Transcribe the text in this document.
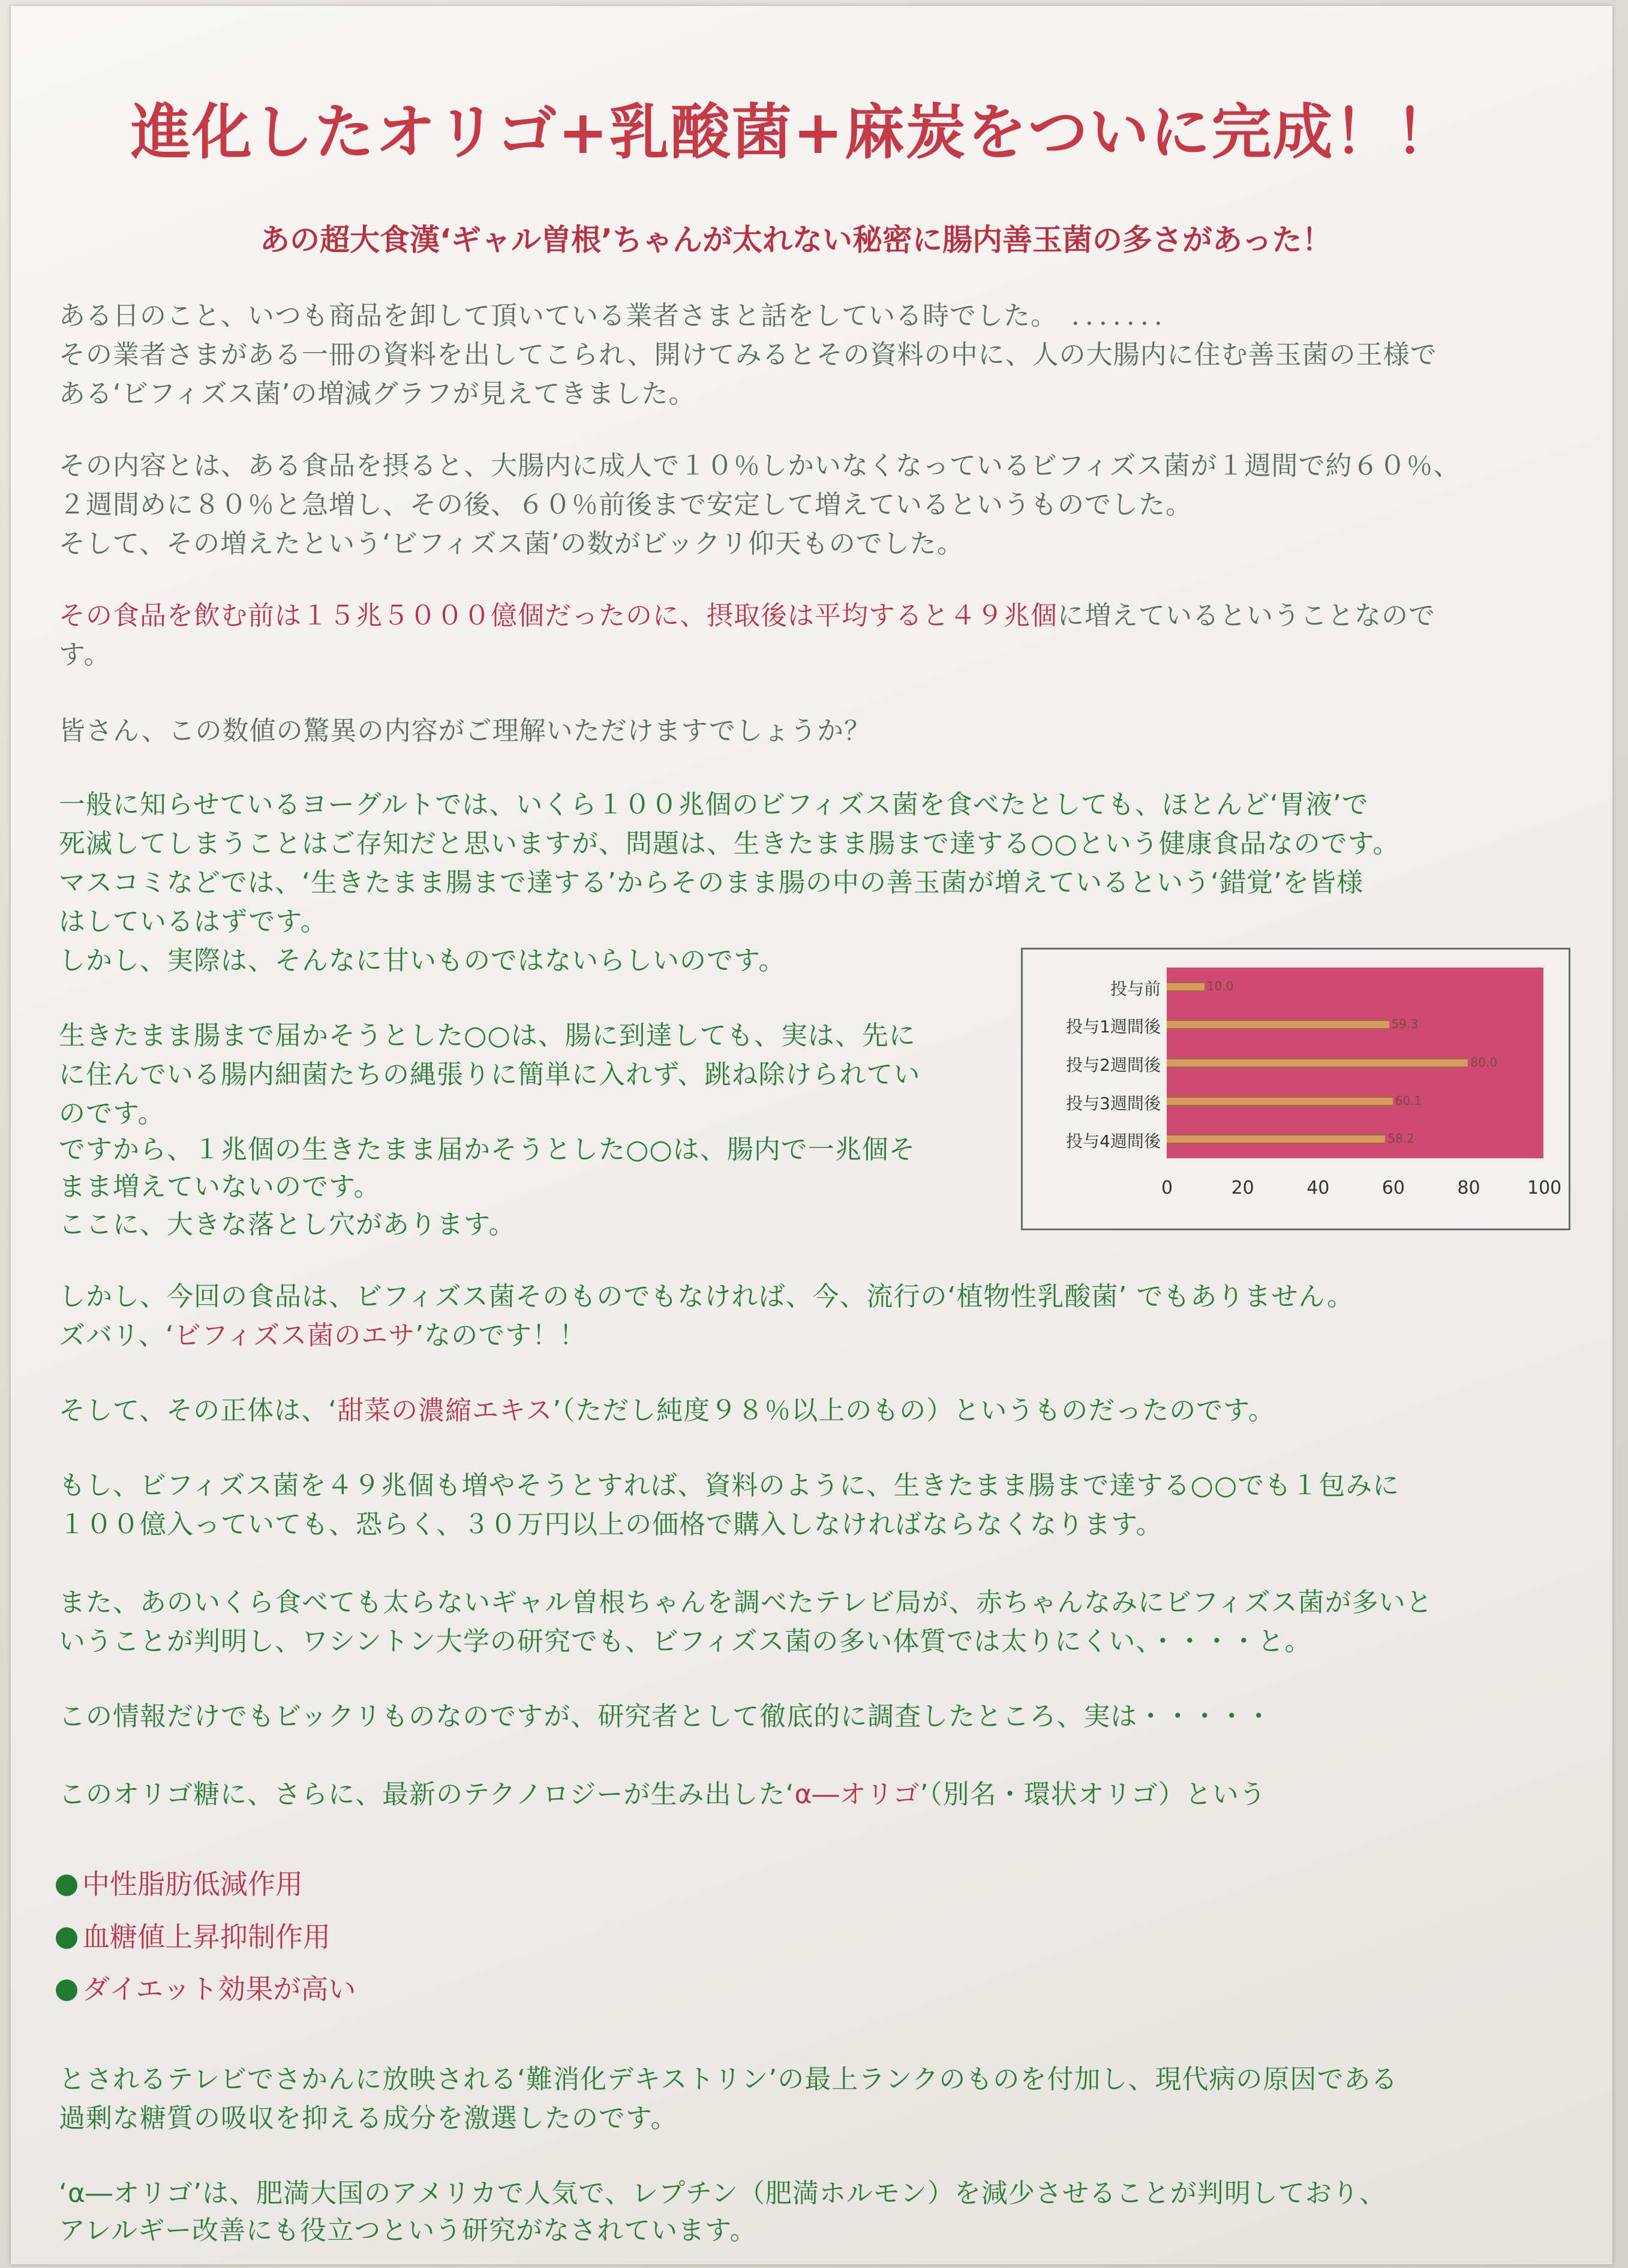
進化したオリゴ+乳酸菌+麻炭をついに完成！！
あの超大食漢‘ギャル曽根’ちゃんが太れない秘密に腸内善玉菌の多さがあった！
ある日のこと、いつも商品を卸して頂いている業者さまと話をしている時でした。　．．．．．．．
その業者さまがある一冊の資料を出してこられ、開けてみるとその資料の中に、人の大腸内に住む善玉菌の王様で
ある‘ビフィズス菌’の増減グラフが見えてきました。
その内容とは、ある食品を摂ると、大腸内に成人で１０％しかいなくなっているビフィズス菌が１週間で約６０％、
２週間めに８０％と急増し、その後、６０％前後まで安定して増えているというものでした。
そして、その増えたという‘ビフィズス菌’の数がビックリ仰天ものでした。
その食品を飲む前は１５兆５０００億個だったのに、摂取後は平均すると４９兆個に増えているということなので
す。
皆さん、この数値の驚異の内容がご理解いただけますでしょうか？
一般に知らせているヨーグルトでは、いくら１００兆個のビフィズス菌を食べたとしても、ほとんど‘胃液’で
死滅してしまうことはご存知だと思いますが、問題は、生きたまま腸まで達する○○という健康食品なのです。
マスコミなどでは、‘生きたまま腸まで達する’からそのまま腸の中の善玉菌が増えているという‘錯覚’を皆様
はしているはずです。
しかし、実際は、そんなに甘いものではないらしいのです。
生きたまま腸まで届かそうとした○○は、腸に到達しても、実は、先に
に住んでいる腸内細菌たちの縄張りに簡単に入れず、跳ね除けられてい
のです。
ですから、１兆個の生きたまま届かそうとした○○は、腸内で一兆個そ
まま増えていないのです。
ここに、大きな落とし穴があります。
投与前	10.0
投与1週間後	59.3
投与2週間後	80.0
投与3週間後	60.1
投与4週間後	58.2
0	20	40	60	80	100
しかし、今回の食品は、ビフィズス菌そのものでもなければ、今、流行の‘植物性乳酸菌’ でもありません。
ズバリ、‘ビフィズス菌のエサ’なのです！！
そして、その正体は、‘甜菜の濃縮エキス’（ただし純度９８％以上のもの）というものだったのです。
もし、ビフィズス菌を４９兆個も増やそうとすれば、資料のように、生きたまま腸まで達する○○でも１包みに
１００億入っていても、恐らく、３０万円以上の価格で購入しなければならなくなります。
また、あのいくら食べても太らないギャル曽根ちゃんを調べたテレビ局が、赤ちゃんなみにビフィズス菌が多いと
いうことが判明し、ワシントン大学の研究でも、ビフィズス菌の多い体質では太りにくい、・・・・と。
この情報だけでもビックリものなのですが、研究者として徹底的に調査したところ、実は・・・・・
このオリゴ糖に、さらに、最新のテクノロジーが生み出した‘α―オリゴ’（別名・環状オリゴ）という
中性脂肪低減作用
血糖値上昇抑制作用
ダイエット効果が高い
とされるテレビでさかんに放映される‘難消化デキストリン’の最上ランクのものを付加し、現代病の原因である
過剰な糖質の吸収を抑える成分を激選したのです。
‘α―オリゴ’は、肥満大国のアメリカで人気で、レプチン（肥満ホルモン）を減少させることが判明しており、
アレルギー改善にも役立つという研究がなされています。
